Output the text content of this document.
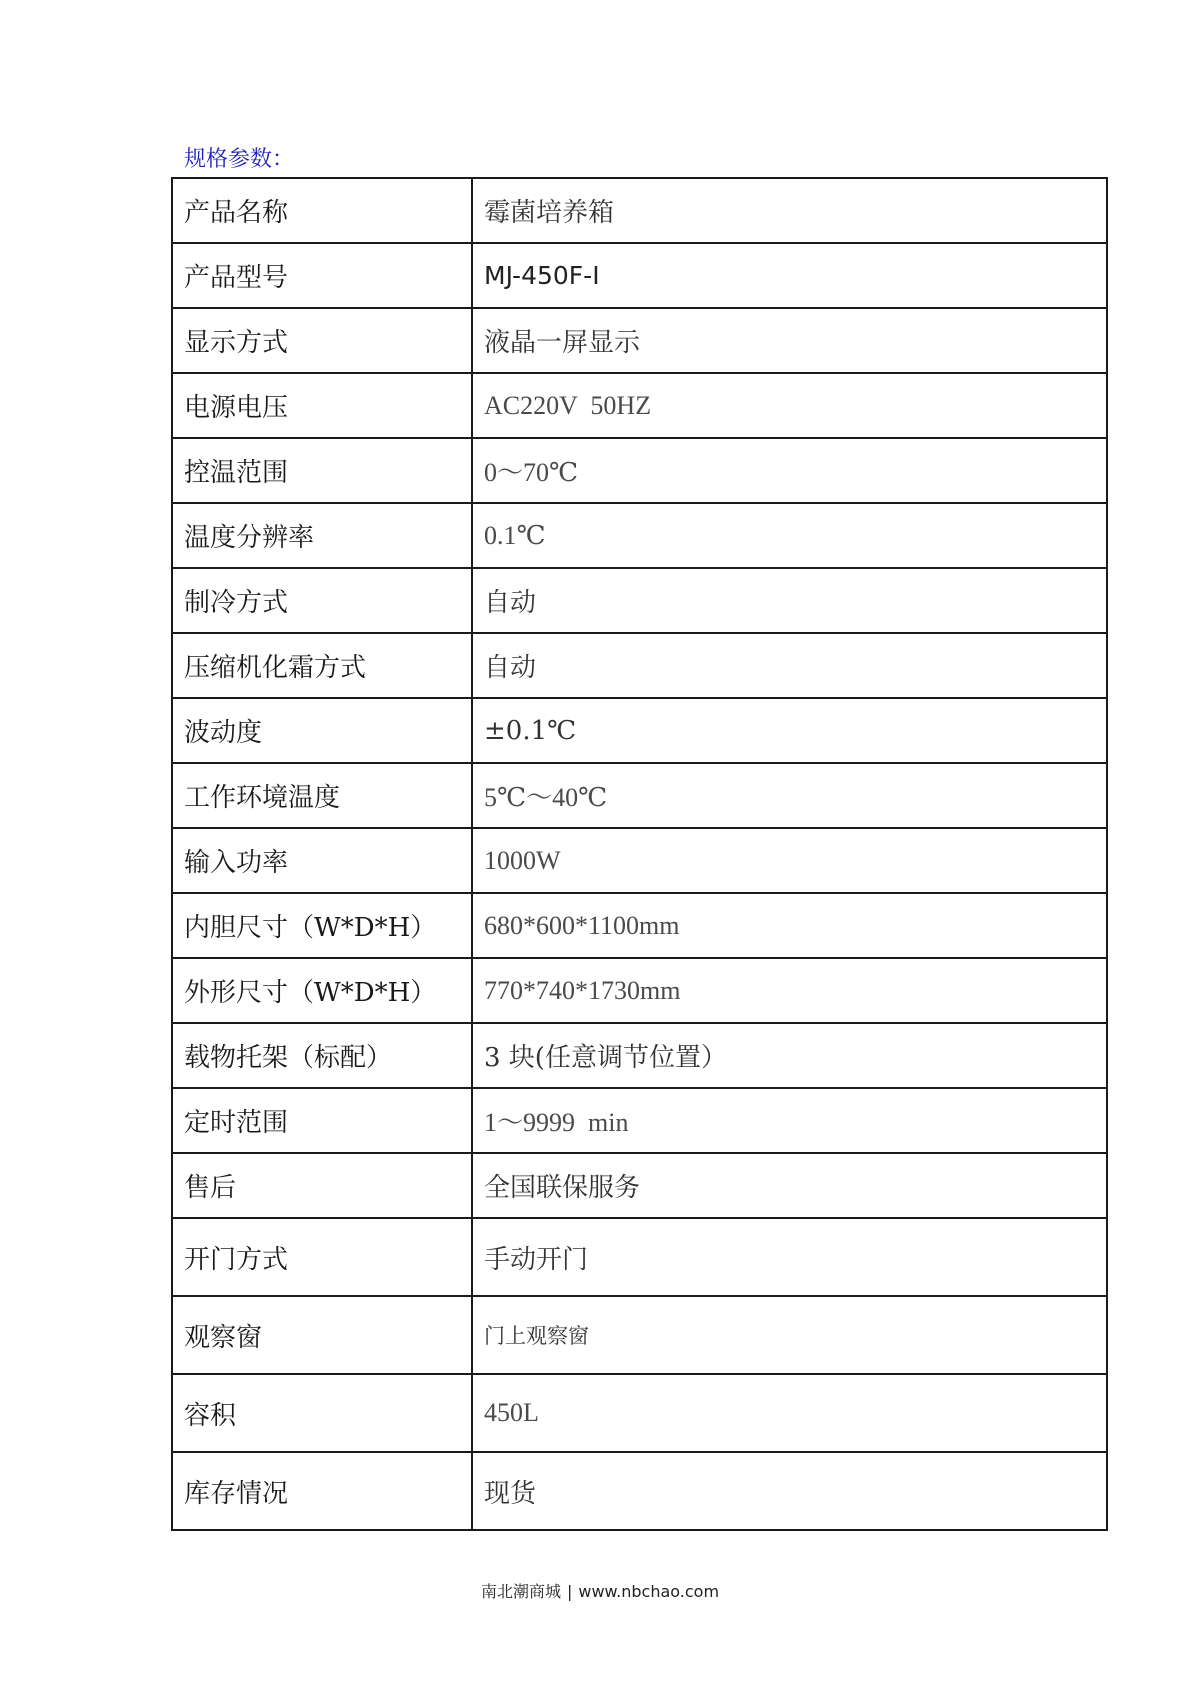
规格参数：
产品名称	霉菌培养箱
产品型号	MJ-450F-I
显示方式	液晶一屏显示
电源电压	AC220V  50HZ
控温范围	0～70℃
温度分辨率	0.1℃
制冷方式	自动
压缩机化霜方式	自动
波动度	±0.1℃
工作环境温度	5℃～40℃
输入功率	1000W
内胆尺寸（W*D*H）	680*600*1100mm
外形尺寸（W*D*H）	770*740*1730mm
载物托架（标配）	3 块(任意调节位置）
定时范围	1～9999  min
售后	全国联保服务
开门方式	手动开门
观察窗	门上观察窗
容积	450L
库存情况	现货
南北潮商城 | www.nbchao.com
